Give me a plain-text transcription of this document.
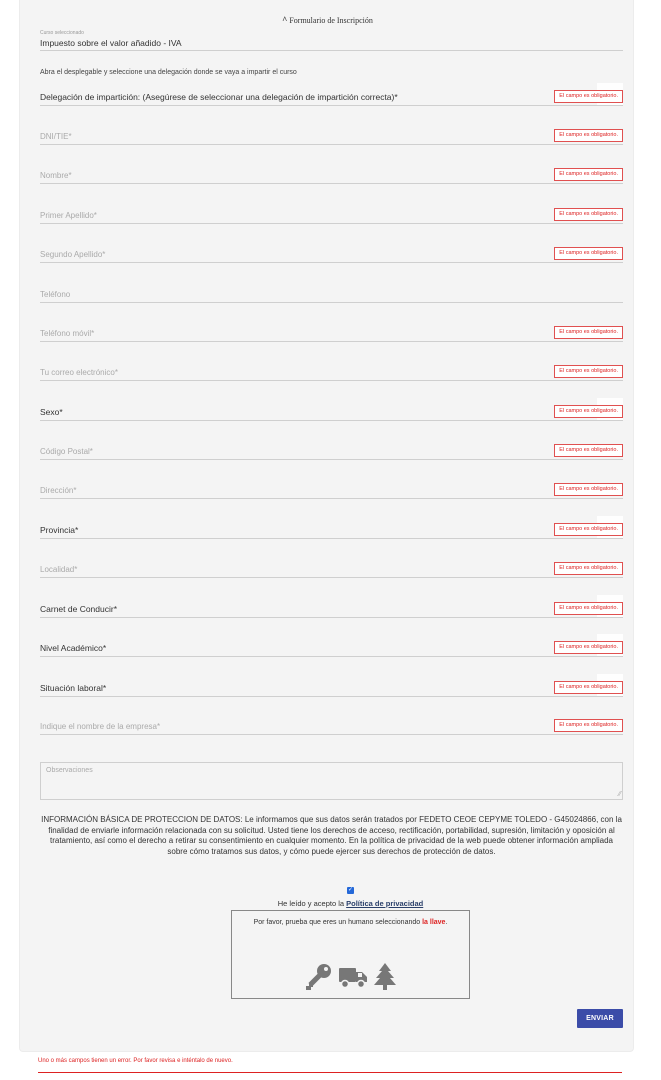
^ Formulario de Inscripción
Curso seleccionado
Impuesto sobre el valor añadido - IVA
Abra el desplegable y seleccione una delegación donde se vaya a impartir el curso
Delegación de impartición: (Asegúrese de seleccionar una delegación de impartición correcta)*	El campo es obligatorio.
DNI/TIE*	El campo es obligatorio.
Nombre*	El campo es obligatorio.
Primer Apellido*	El campo es obligatorio.
Segundo Apellido*	El campo es obligatorio.
Teléfono
Teléfono móvil*	El campo es obligatorio.
Tu correo electrónico*	El campo es obligatorio.
Sexo*	El campo es obligatorio.
Código Postal*	El campo es obligatorio.
Dirección*	El campo es obligatorio.
Provincia*	El campo es obligatorio.
Localidad*	El campo es obligatorio.
Carnet de Conducir*	El campo es obligatorio.
Nivel Académico*	El campo es obligatorio.
Situación laboral*	El campo es obligatorio.
Indique el nombre de la empresa*	El campo es obligatorio.
Observaciones
⁄⁄
INFORMACIÓN BÁSICA DE PROTECCION DE DATOS: Le informamos que sus datos serán tratados por FEDETO CEOE CEPYME TOLEDO - G45024866, con la finalidad de enviarle información relacionada con su solicitud. Usted tiene los derechos de acceso, rectificación, portabilidad, supresión, limitación y oposición al tratamiento, así como el derecho a retirar su consentimiento en cualquier momento. En la política de privacidad de la web puede obtener información ampliada sobre cómo tratamos sus datos, y cómo puede ejercer sus derechos de protección de datos.
✓
He leído y acepto la Política de privacidad
Por favor, prueba que eres un humano seleccionando la llave.
ENVIAR
Uno o más campos tienen un error. Por favor revisa e inténtalo de nuevo.
